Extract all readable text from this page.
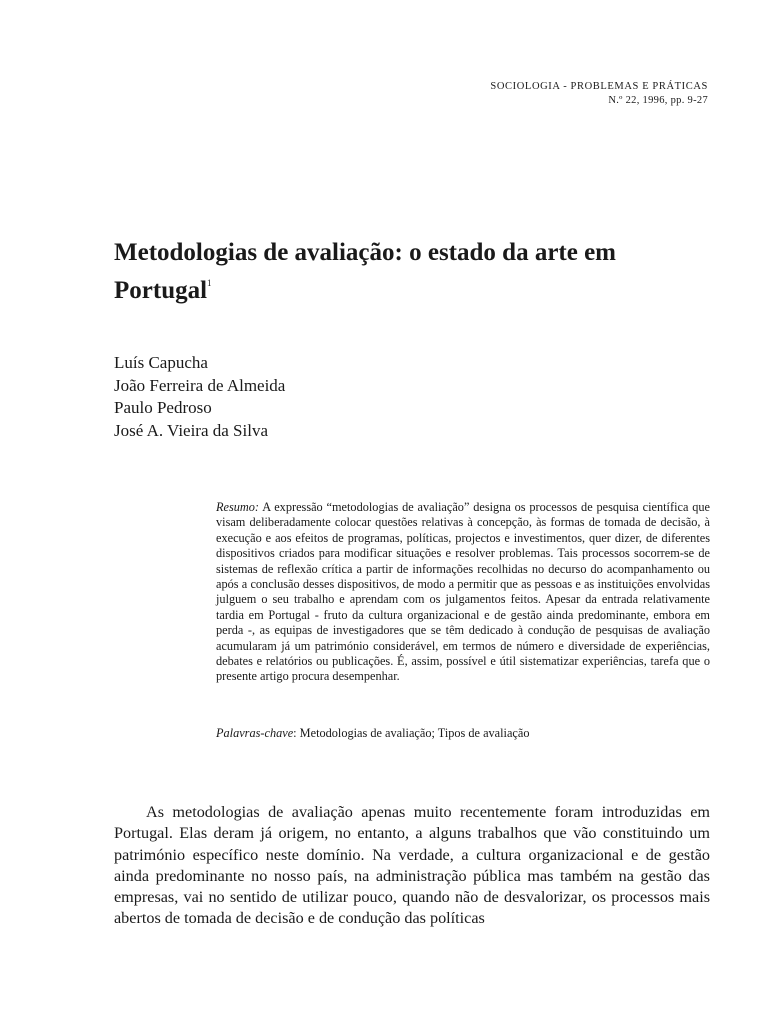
SOCIOLOGIA - PROBLEMAS E PRÁTICAS
N.º 22, 1996, pp. 9-27
Metodologias de avaliação: o estado da arte em Portugal$^1$
Luís Capucha
João Ferreira de Almeida
Paulo Pedroso
José A. Vieira da Silva

Resumo: A expressão “metodologias de avaliação” designa os processos de pesquisa científica que visam deliberadamente colocar questões relativas à concepção, às formas de tomada de decisão, à execução e aos efeitos de programas, políticas, projectos e investimentos, quer dizer, de diferentes dispositivos criados para modificar situações e resolver problemas. Tais processos socorrem-se de sistemas de reflexão crítica a partir de informações recolhidas no decurso do acompanhamento ou após a conclusão desses dispositivos, de modo a permitir que as pessoas e as instituições envolvidas julguem o seu trabalho e aprendam com os julgamentos feitos. Apesar da entrada relativamente tardia em Portugal - fruto da cultura organizacional e de gestão ainda predominante, embora em perda -, as equipas de investigadores que se têm dedicado à condução de pesquisas de avaliação acumularam já um património considerável, em termos de número e diversidade de experiências, debates e relatórios ou publicações. É, assim, possível e útil sistematizar experiências, tarefa que o presente artigo procura desempenhar.

Palavras-chave: Metodologias de avaliação; Tipos de avaliação

As metodologias de avaliação apenas muito recentemente foram introduzidas em Portugal. Elas deram já origem, no entanto, a alguns trabalhos que vão constituindo um património específico neste domínio. Na verdade, a cultura organizacional e de gestão ainda predominante no nosso país, na administração pública mas também na gestão das empresas, vai no sentido de utilizar pouco, quando não de desvalorizar, os processos mais abertos de tomada de decisão e de condução das políticas
